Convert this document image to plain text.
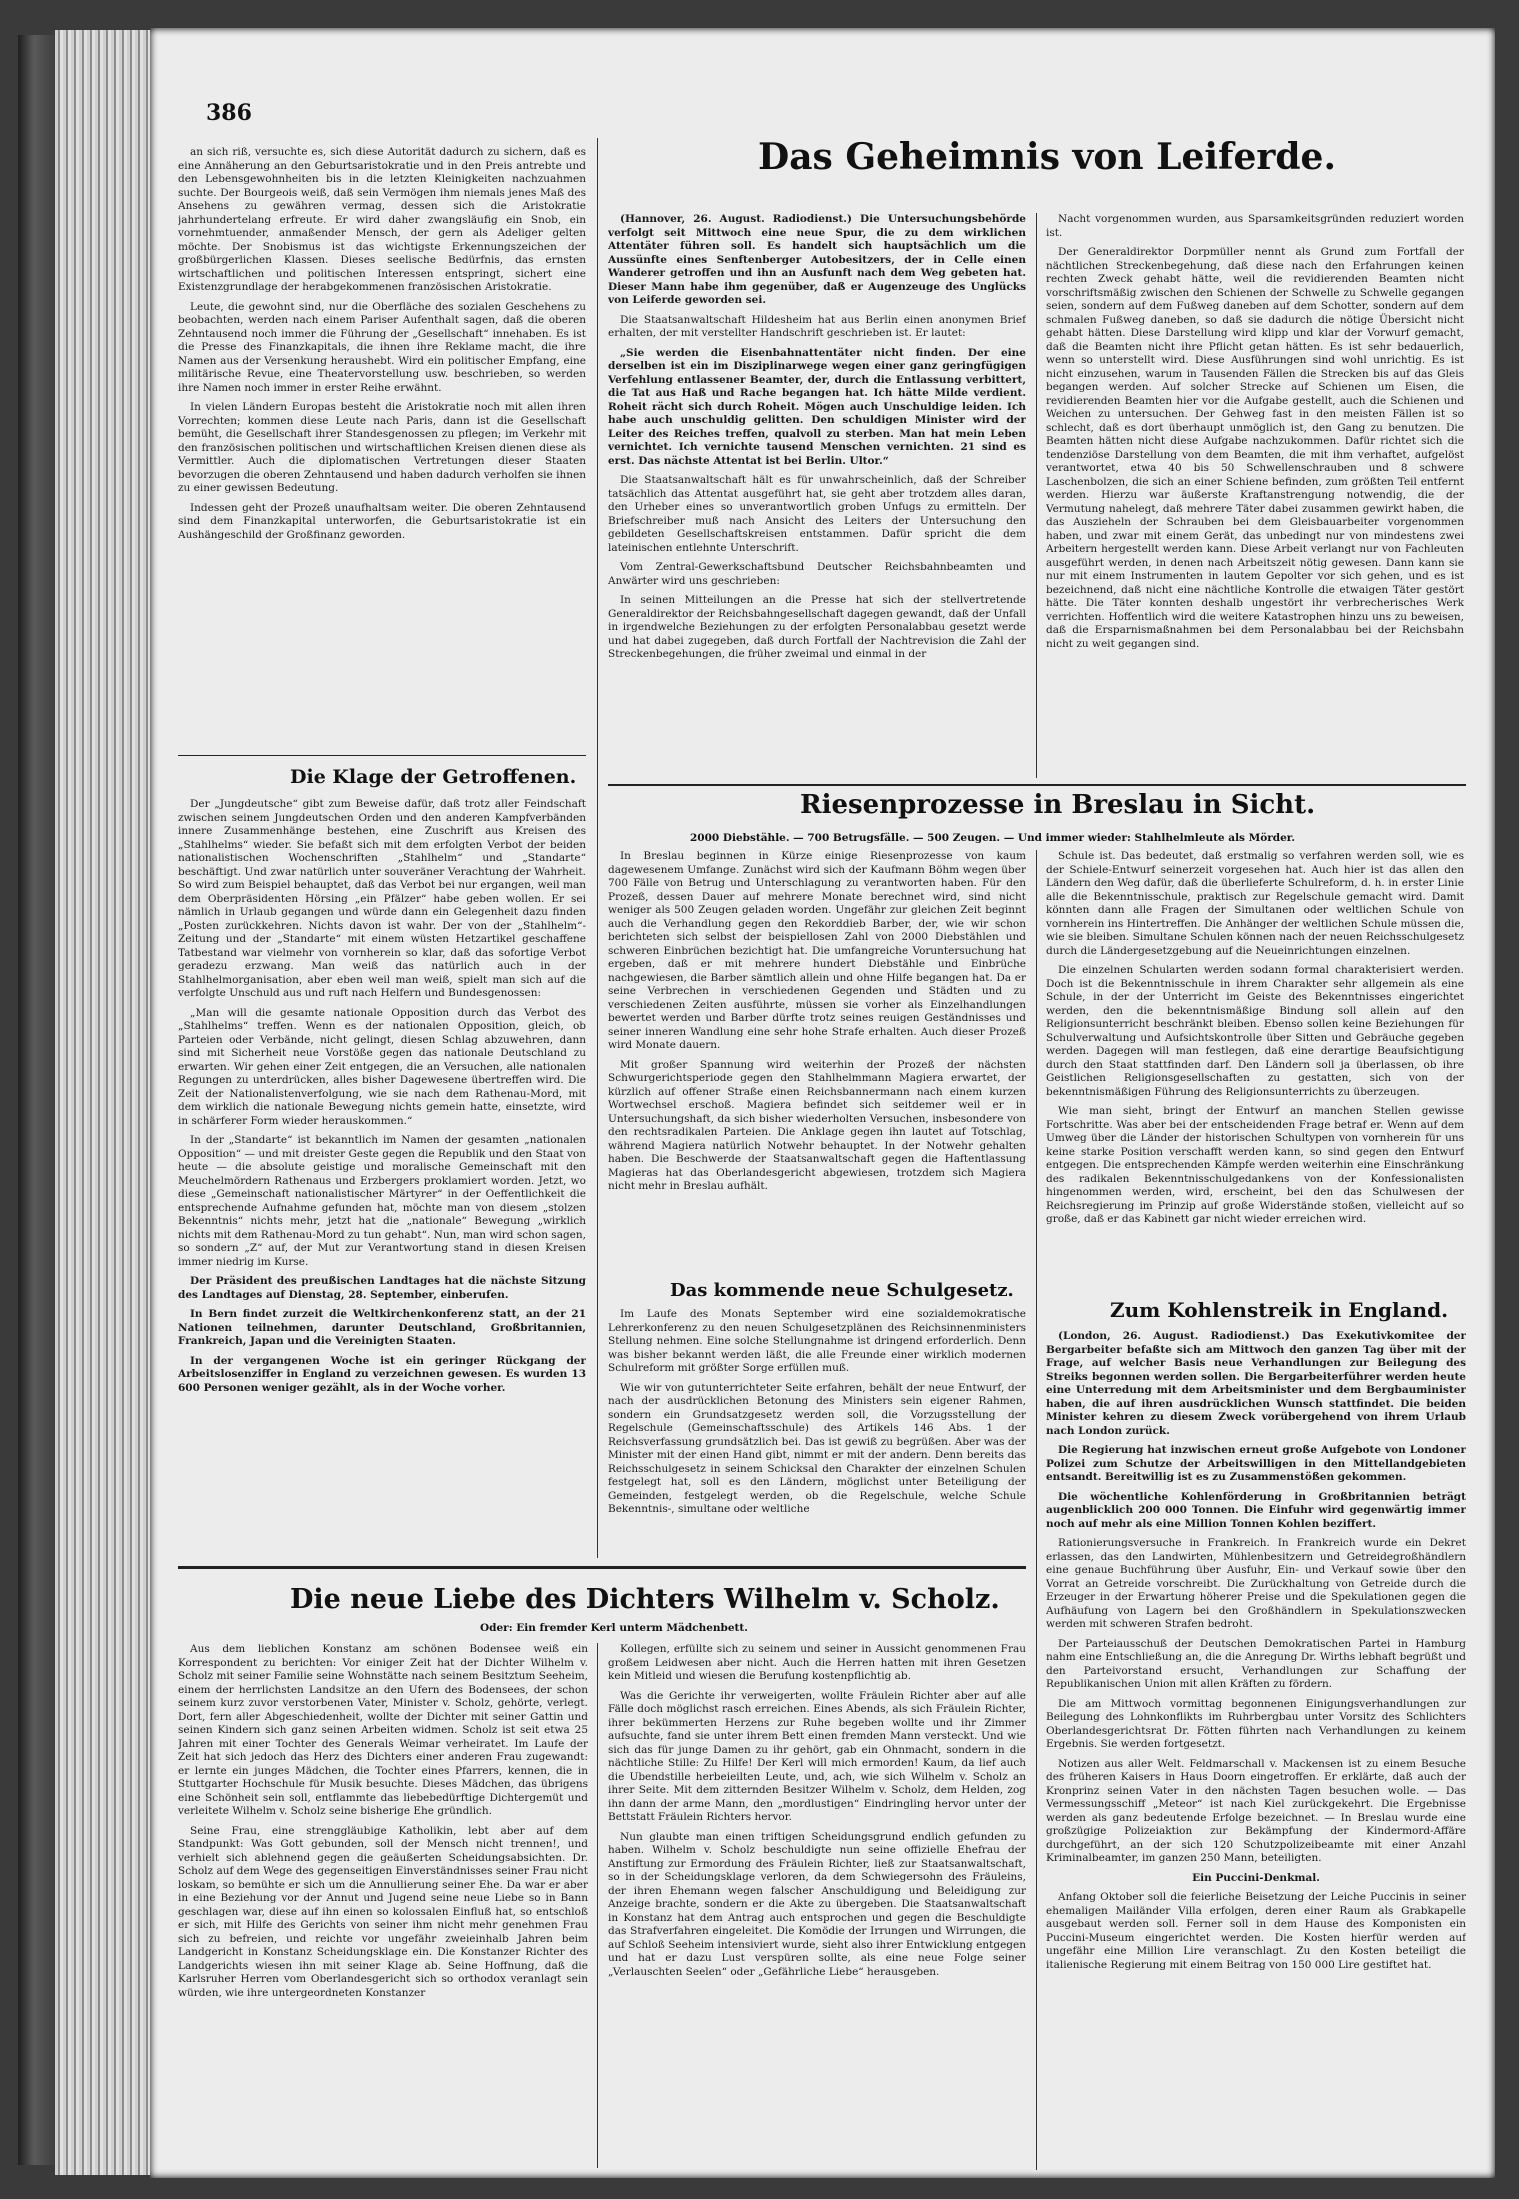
386

an sich riß, versuchte es, sich diese Autorität dadurch zu sichern, daß es eine Annäherung an den Geburtsaristokratie und in den Preis antrebte und den Lebensgewohnheiten bis in die letzten Kleinigkeiten nachzuahmen suchte. Der Bourgeois weiß, daß sein Vermögen ihm niemals jenes Maß des Ansehens zu gewähren vermag, dessen sich die Aristokratie jahrhundertelang erfreute. Er wird daher zwangsläufig ein Snob, ein vornehmtuender, anmaßender Mensch, der gern als Adeliger gelten möchte. Der Snobismus ist das wichtigste Erkennungszeichen der großbürgerlichen Klassen. Dieses seelische Bedürfnis, das ernsten wirtschaftlichen und politischen Interessen entspringt, sichert eine Existenzgrundlage der herabgekommenen französischen Aristokratie.

Leute, die gewohnt sind, nur die Oberfläche des sozialen Geschehens zu beobachten, werden nach einem Pariser Aufenthalt sagen, daß die oberen Zehntausend noch immer die Führung der „Gesellschaft“ innehaben. Es ist die Presse des Finanzkapitals, die ihnen ihre Reklame macht, die ihre Namen aus der Versenkung heraushebt. Wird ein politischer Empfang, eine militärische Revue, eine Theatervorstellung usw. beschrieben, so werden ihre Namen noch immer in erster Reihe erwähnt.

In vielen Ländern Europas besteht die Aristokratie noch mit allen ihren Vorrechten; kommen diese Leute nach Paris, dann ist die Gesellschaft bemüht, die Gesellschaft ihrer Standesgenossen zu pflegen; im Verkehr mit den französischen politischen und wirtschaftlichen Kreisen dienen diese als Vermittler. Auch die diplomatischen Vertretungen dieser Staaten bevorzugen die oberen Zehntausend und haben dadurch verholfen sie ihnen zu einer gewissen Bedeutung.

Indessen geht der Prozeß unaufhaltsam weiter. Die oberen Zehntausend sind dem Finanzkapital unterworfen, die Geburtsaristokratie ist ein Aushängeschild der Großfinanz geworden.

Die Klage der Getroffenen.

Der „Jungdeutsche“ gibt zum Beweise dafür, daß trotz aller Feindschaft zwischen seinem Jungdeutschen Orden und den anderen Kampfverbänden innere Zusammenhänge bestehen, eine Zuschrift aus Kreisen des „Stahlhelms“ wieder. Sie befaßt sich mit dem erfolgten Verbot der beiden nationalistischen Wochenschriften „Stahlhelm“ und „Standarte“ beschäftigt. Und zwar natürlich unter souveräner Verachtung der Wahrheit. So wird zum Beispiel behauptet, daß das Verbot bei nur ergangen, weil man dem Oberpräsidenten Hörsing „ein Pfälzer“ habe geben wollen. Er sei nämlich in Urlaub gegangen und würde dann ein Gelegenheit dazu finden „Posten zurückkehren. Nichts davon ist wahr. Der von der „Stahlhelm“-Zeitung und der „Standarte“ mit einem wüsten Hetzartikel geschaffene Tatbestand war vielmehr von vornherein so klar, daß das sofortige Verbot geradezu erzwang. Man weiß das natürlich auch in der Stahlhelmorganisation, aber eben weil man weiß, spielt man sich auf die verfolgte Unschuld aus und ruft nach Helfern und Bundesgenossen:

„Man will die gesamte nationale Opposition durch das Verbot des „Stahlhelms“ treffen. Wenn es der nationalen Opposition, gleich, ob Parteien oder Verbände, nicht gelingt, diesen Schlag abzuwehren, dann sind mit Sicherheit neue Vorstöße gegen das nationale Deutschland zu erwarten. Wir gehen einer Zeit entgegen, die an Versuchen, alle nationalen Regungen zu unterdrücken, alles bisher Dagewesene übertreffen wird. Die Zeit der Nationalistenverfolgung, wie sie nach dem Rathenau-Mord, mit dem wirklich die nationale Bewegung nichts gemein hatte, einsetzte, wird in schärferer Form wieder herauskommen.“

In der „Standarte“ ist bekanntlich im Namen der gesamten „nationalen Opposition“ — und mit dreister Geste gegen die Republik und den Staat von heute — die absolute geistige und moralische Gemeinschaft mit den Meuchelmördern Rathenaus und Erzbergers proklamiert worden. Jetzt, wo diese „Gemeinschaft nationalistischer Märtyrer“ in der Oeffentlichkeit die entsprechende Aufnahme gefunden hat, möchte man von diesem „stolzen Bekenntnis“ nichts mehr, jetzt hat die „nationale“ Bewegung „wirklich nichts mit dem Rathenau-Mord zu tun gehabt“. Nun, man wird schon sagen, so sondern „Z“ auf, der Mut zur Verantwortung stand in diesen Kreisen immer niedrig im Kurse.

Der Präsident des preußischen Landtages hat die nächste Sitzung des Landtages auf Dienstag, 28. September, einberufen.

In Bern findet zurzeit die Weltkirchenkonferenz statt, an der 21 Nationen teilnehmen, darunter Deutschland, Großbritannien, Frankreich, Japan und die Vereinigten Staaten.

In der vergangenen Woche ist ein geringer Rückgang der Arbeitslosenziffer in England zu verzeichnen gewesen. Es wurden 13 600 Personen weniger gezählt, als in der Woche vorher.

Das Geheimnis von Leiferde.

(Hannover, 26. August. Radiodienst.) Die Untersuchungsbehörde verfolgt seit Mittwoch eine neue Spur, die zu dem wirklichen Attentäter führen soll. Es handelt sich hauptsächlich um die Aussünfte eines Senftenberger Autobesitzers, der in Celle einen Wanderer getroffen und ihn an Ausfunft nach dem Weg gebeten hat. Dieser Mann habe ihm gegenüber, daß er Augenzeuge des Unglücks von Leiferde geworden sei.

Die Staatsanwaltschaft Hildesheim hat aus Berlin einen anonymen Brief erhalten, der mit verstellter Handschrift geschrieben ist. Er lautet:

„Sie werden die Eisenbahnattentäter nicht finden. Der eine derselben ist ein im Disziplinarwege wegen einer ganz geringfügigen Verfehlung entlassener Beamter, der, durch die Entlassung verbittert, die Tat aus Haß und Rache begangen hat. Ich hätte Milde verdient. Roheit rächt sich durch Roheit. Mögen auch Unschuldige leiden. Ich habe auch unschuldig gelitten. Den schuldigen Minister wird der Leiter des Reiches treffen, qualvoll zu sterben. Man hat mein Leben vernichtet. Ich vernichte tausend Menschen vernichten. 21 sind es erst. Das nächste Attentat ist bei Berlin. Ultor.“

Die Staatsanwaltschaft hält es für unwahrscheinlich, daß der Schreiber tatsächlich das Attentat ausgeführt hat, sie geht aber trotzdem alles daran, den Urheber eines so unverantwortlich groben Unfugs zu ermitteln. Der Briefschreiber muß nach Ansicht des Leiters der Untersuchung den gebildeten Gesellschaftskreisen entstammen. Dafür spricht die dem lateinischen entlehnte Unterschrift.

Vom Zentral-Gewerkschaftsbund Deutscher Reichsbahnbeamten und Anwärter wird uns geschrieben:

In seinen Mitteilungen an die Presse hat sich der stellvertretende Generaldirektor der Reichsbahngesellschaft dagegen gewandt, daß der Unfall in irgendwelche Beziehungen zu der erfolgten Personalabbau gesetzt werde und hat dabei zugegeben, daß durch Fortfall der Nachtrevision die Zahl der Streckenbegehungen, die früher zweimal und einmal in der

Nacht vorgenommen wurden, aus Sparsamkeitsgründen reduziert worden ist.

Der Generaldirektor Dorpmüller nennt als Grund zum Fortfall der nächtlichen Streckenbegehung, daß diese nach den Erfahrungen keinen rechten Zweck gehabt hätte, weil die revidierenden Beamten nicht vorschriftsmäßig zwischen den Schienen der Schwelle zu Schwelle gegangen seien, sondern auf dem Fußweg daneben auf dem Schotter, sondern auf dem schmalen Fußweg daneben, so daß sie dadurch die nötige Übersicht nicht gehabt hätten. Diese Darstellung wird klipp und klar der Vorwurf gemacht, daß die Beamten nicht ihre Pflicht getan hätten. Es ist sehr bedauerlich, wenn so unterstellt wird. Diese Ausführungen sind wohl unrichtig. Es ist nicht einzusehen, warum in Tausenden Fällen die Strecken bis auf das Gleis begangen werden. Auf solcher Strecke auf Schienen um Eisen, die revidierenden Beamten hier vor die Aufgabe gestellt, auch die Schienen und Weichen zu untersuchen. Der Gehweg fast in den meisten Fällen ist so schlecht, daß es dort überhaupt unmöglich ist, den Gang zu benutzen. Die Beamten hätten nicht diese Aufgabe nachzukommen. Dafür richtet sich die tendenziöse Darstellung von dem Beamten, die mit ihm verhaftet, aufgelöst verantwortet, etwa 40 bis 50 Schwellenschrauben und 8 schwere Laschenbolzen, die sich an einer Schiene befinden, zum größten Teil entfernt werden. Hierzu war äußerste Kraftanstrengung notwendig, die der Vermutung nahelegt, daß mehrere Täter dabei zusammen gewirkt haben, die das Auszieheln der Schrauben bei dem Gleisbauarbeiter vorgenommen haben, und zwar mit einem Gerät, das unbedingt nur von mindestens zwei Arbeitern hergestellt werden kann. Diese Arbeit verlangt nur von Fachleuten ausgeführt werden, in denen nach Arbeitszeit nötig gewesen. Dann kann sie nur mit einem Instrumenten in lautem Gepolter vor sich gehen, und es ist bezeichnend, daß nicht eine nächtliche Kontrolle die etwaigen Täter gestört hätte. Die Täter konnten deshalb ungestört ihr verbrecherisches Werk verrichten. Hoffentlich wird die weitere Katastrophen hinzu uns zu beweisen, daß die Ersparnismaßnahmen bei dem Personalabbau bei der Reichsbahn nicht zu weit gegangen sind.

Riesenprozesse in Breslau in Sicht.
2000 Diebstähle. — 700 Betrugsfälle. — 500 Zeugen. — Und immer wieder: Stahlhelmleute als Mörder.

In Breslau beginnen in Kürze einige Riesenprozesse von kaum dagewesenem Umfange. Zunächst wird sich der Kaufmann Böhm wegen über 700 Fälle von Betrug und Unterschlagung zu verantworten haben. Für den Prozeß, dessen Dauer auf mehrere Monate berechnet wird, sind nicht weniger als 500 Zeugen geladen worden. Ungefähr zur gleichen Zeit beginnt auch die Verhandlung gegen den Rekorddieb Barber, der, wie wir schon berichteten sich selbst der beispiellosen Zahl von 2000 Diebstählen und schweren Einbrüchen bezichtigt hat. Die umfangreiche Voruntersuchung hat ergeben, daß er mit mehrere hundert Diebstähle und Einbrüche nachgewiesen, die Barber sämtlich allein und ohne Hilfe begangen hat. Da er seine Verbrechen in verschiedenen Gegenden und Städten und zu verschiedenen Zeiten ausführte, müssen sie vorher als Einzelhandlungen bewertet werden und Barber dürfte trotz seines reuigen Geständnisses und seiner inneren Wandlung eine sehr hohe Strafe erhalten. Auch dieser Prozeß wird Monate dauern.

Mit großer Spannung wird weiterhin der Prozeß der nächsten Schwurgerichtsperiode gegen den Stahlhelmmann Magiera erwartet, der kürzlich auf offener Straße einen Reichsbannermann nach einem kurzen Wortwechsel erschoß. Magiera befindet sich seitdemer weil er in Untersuchungshaft, da sich bisher wiederholten Versuchen, insbesondere von den rechtsradikalen Parteien. Die Anklage gegen ihn lautet auf Totschlag, während Magiera natürlich Notwehr behauptet. In der Notwehr gehalten haben. Die Beschwerde der Staatsanwaltschaft gegen die Haftentlassung Magieras hat das Oberlandesgericht abgewiesen, trotzdem sich Magiera nicht mehr in Breslau aufhält.

Schule ist. Das bedeutet, daß erstmalig so verfahren werden soll, wie es der Schiele-Entwurf seinerzeit vorgesehen hat. Auch hier ist das allen den Ländern den Weg dafür, daß die überlieferte Schulreform, d. h. in erster Linie alle die Bekenntnisschule, praktisch zur Regelschule gemacht wird. Damit könnten dann alle Fragen der Simultanen oder weltlichen Schule von vornherein ins Hintertreffen. Die Anhänger der weltlichen Schule müssen die, wie sie bleiben. Simultane Schulen können nach der neuen Reichsschulgesetz durch die Ländergesetzgebung auf die Neueinrichtungen einzelnen.

Die einzelnen Schularten werden sodann formal charakterisiert werden. Doch ist die Bekenntnisschule in ihrem Charakter sehr allgemein als eine Schule, in der der Unterricht im Geiste des Bekenntnisses eingerichtet werden, den die bekenntnismäßige Bindung soll allein auf den Religionsunterricht beschränkt bleiben. Ebenso sollen keine Beziehungen für Schulverwaltung und Aufsichtskontrolle über Sitten und Gebräuche gegeben werden. Dagegen will man festlegen, daß eine derartige Beaufsichtigung durch den Staat stattfinden darf. Den Ländern soll ja überlassen, ob ihre Geistlichen Religionsgesellschaften zu gestatten, sich von der bekenntnismäßigen Führung des Religionsunterrichts zu überzeugen.

Wie man sieht, bringt der Entwurf an manchen Stellen gewisse Fortschritte. Was aber bei der entscheidenden Frage betraf er. Wenn auf dem Umweg über die Länder der historischen Schultypen von vornherein für uns keine starke Position verschafft werden kann, so sind gegen den Entwurf entgegen. Die entsprechenden Kämpfe werden weiterhin eine Einschränkung des radikalen Bekenntnisschulgedankens von der Konfessionalisten hingenommen werden, wird, erscheint, bei den das Schulwesen der Reichsregierung im Prinzip auf große Widerstände stoßen, vielleicht auf so große, daß er das Kabinett gar nicht wieder erreichen wird.

Das kommende neue Schulgesetz.

Im Laufe des Monats September wird eine sozialdemokratische Lehrerkonferenz zu den neuen Schulgesetzplänen des Reichsinnenministers Stellung nehmen. Eine solche Stellungnahme ist dringend erforderlich. Denn was bisher bekannt werden läßt, die alle Freunde einer wirklich modernen Schulreform mit größter Sorge erfüllen muß.

Wie wir von gutunterrichteter Seite erfahren, behält der neue Entwurf, der nach der ausdrücklichen Betonung des Ministers sein eigener Rahmen, sondern ein Grundsatzgesetz werden soll, die Vorzugsstellung der Regelschule (Gemeinschaftsschule) des Artikels 146 Abs. 1 der Reichsverfassung grundsätzlich bei. Das ist gewiß zu begrüßen. Aber was der Minister mit der einen Hand gibt, nimmt er mit der andern. Denn bereits das Reichsschulgesetz in seinem Schicksal den Charakter der einzelnen Schulen festgelegt hat, soll es den Ländern, möglichst unter Beteiligung der Gemeinden, festgelegt werden, ob die Regelschule, welche Schule Bekenntnis-, simultane oder weltliche

Zum Kohlenstreik in England.

(London, 26. August. Radiodienst.) Das Exekutivkomitee der Bergarbeiter befaßte sich am Mittwoch den ganzen Tag über mit der Frage, auf welcher Basis neue Verhandlungen zur Beilegung des Streiks begonnen werden sollen. Die Bergarbeiterführer werden heute eine Unterredung mit dem Arbeitsminister und dem Bergbauminister haben, die auf ihren ausdrücklichen Wunsch stattfindet. Die beiden Minister kehren zu diesem Zweck vorübergehend von ihrem Urlaub nach London zurück.

Die Regierung hat inzwischen erneut große Aufgebote von Londoner Polizei zum Schutze der Arbeitswilligen in den Mittellandgebieten entsandt. Bereitwillig ist es zu Zusammenstößen gekommen.

Die wöchentliche Kohlenförderung in Großbritannien beträgt augenblicklich 200 000 Tonnen. Die Einfuhr wird gegenwärtig immer noch auf mehr als eine Million Tonnen Kohlen beziffert.

Rationierungsversuche in Frankreich. In Frankreich wurde ein Dekret erlassen, das den Landwirten, Mühlenbesitzern und Getreidegroßhändlern eine genaue Buchführung über Ausfuhr, Ein- und Verkauf sowie über den Vorrat an Getreide vorschreibt. Die Zurückhaltung von Getreide durch die Erzeuger in der Erwartung höherer Preise und die Spekulationen gegen die Aufhäufung von Lagern bei den Großhändlern in Spekulationszwecken werden mit schweren Strafen bedroht.

Der Parteiausschuß der Deutschen Demokratischen Partei in Hamburg nahm eine Entschließung an, die die Anregung Dr. Wirths lebhaft begrüßt und den Parteivorstand ersucht, Verhandlungen zur Schaffung der Republikanischen Union mit allen Kräften zu fördern.

Die am Mittwoch vormittag begonnenen Einigungsverhandlungen zur Beilegung des Lohnkonflikts im Ruhrbergbau unter Vorsitz des Schlichters Oberlandesgerichtsrat Dr. Fötten führten nach Verhandlungen zu keinem Ergebnis. Sie werden fortgesetzt.

Notizen aus aller Welt. Feldmarschall v. Mackensen ist zu einem Besuche des früheren Kaisers in Haus Doorn eingetroffen. Er erklärte, daß auch der Kronprinz seinen Vater in den nächsten Tagen besuchen wolle. — Das Vermessungsschiff „Meteor“ ist nach Kiel zurückgekehrt. Die Ergebnisse werden als ganz bedeutende Erfolge bezeichnet. — In Breslau wurde eine großzügige Polizeiaktion zur Bekämpfung der Kindermord-Affäre durchgeführt, an der sich 120 Schutzpolizeibeamte mit einer Anzahl Kriminalbeamter, im ganzen 250 Mann, beteiligten.

Ein Puccini-Denkmal.

Anfang Oktober soll die feierliche Beisetzung der Leiche Puccinis in seiner ehemaligen Mailänder Villa erfolgen, deren einer Raum als Grabkapelle ausgebaut werden soll. Ferner soll in dem Hause des Komponisten ein Puccini-Museum eingerichtet werden. Die Kosten hierfür werden auf ungefähr eine Million Lire veranschlagt. Zu den Kosten beteiligt die italienische Regierung mit einem Beitrag von 150 000 Lire gestiftet hat.

Die neue Liebe des Dichters Wilhelm v. Scholz.
Oder: Ein fremder Kerl unterm Mädchenbett.

Aus dem lieblichen Konstanz am schönen Bodensee weiß ein Korrespondent zu berichten: Vor einiger Zeit hat der Dichter Wilhelm v. Scholz mit seiner Familie seine Wohnstätte nach seinem Besitztum Seeheim, einem der herrlichsten Landsitze an den Ufern des Bodensees, der schon seinem kurz zuvor verstorbenen Vater, Minister v. Scholz, gehörte, verlegt. Dort, fern aller Abgeschiedenheit, wollte der Dichter mit seiner Gattin und seinen Kindern sich ganz seinen Arbeiten widmen. Scholz ist seit etwa 25 Jahren mit einer Tochter des Generals Weimar verheiratet. Im Laufe der Zeit hat sich jedoch das Herz des Dichters einer anderen Frau zugewandt: er lernte ein junges Mädchen, die Tochter eines Pfarrers, kennen, die in Stuttgarter Hochschule für Musik besuchte. Dieses Mädchen, das übrigens eine Schönheit sein soll, entflammte das liebebedürftige Dichtergemüt und verleitete Wilhelm v. Scholz seine bisherige Ehe gründlich.

Seine Frau, eine strenggläubige Katholikin, lebt aber auf dem Standpunkt: Was Gott gebunden, soll der Mensch nicht trennen!, und verhielt sich ablehnend gegen die geäußerten Scheidungsabsichten. Dr. Scholz auf dem Wege des gegenseitigen Einverständnisses seiner Frau nicht loskam, so bemühte er sich um die Annullierung seiner Ehe. Da war er aber in eine Beziehung vor der Annut und Jugend seine neue Liebe so in Bann geschlagen war, diese auf ihn einen so kolossalen Einfluß hat, so entschloß er sich, mit Hilfe des Gerichts von seiner ihm nicht mehr genehmen Frau sich zu befreien, und reichte vor ungefähr zweieinhalb Jahren beim Landgericht in Konstanz Scheidungsklage ein. Die Konstanzer Richter des Landgerichts wiesen ihn mit seiner Klage ab. Seine Hoffnung, daß die Karlsruher Herren vom Oberlandesgericht sich so orthodox veranlagt sein würden, wie ihre untergeordneten Konstanzer

Kollegen, erfüllte sich zu seinem und seiner in Aussicht genommenen Frau großem Leidwesen aber nicht. Auch die Herren hatten mit ihren Gesetzen kein Mitleid und wiesen die Berufung kostenpflichtig ab.

Was die Gerichte ihr verweigerten, wollte Fräulein Richter aber auf alle Fälle doch möglichst rasch erreichen. Eines Abends, als sich Fräulein Richter, ihrer bekümmerten Herzens zur Ruhe begeben wollte und ihr Zimmer aufsuchte, fand sie unter ihrem Bett einen fremden Mann versteckt. Und wie sich das für junge Damen zu ihr gehört, gab ein Ohnmacht, sondern in die nächtliche Stille: Zu Hilfe! Der Kerl will mich ermorden! Kaum, da lief auch die Ubendstille herbeieilten Leute, und, ach, wie sich Wilhelm v. Scholz an ihrer Seite. Mit dem zitternden Besitzer Wilhelm v. Scholz, dem Helden, zog ihn dann der arme Mann, den „mordlustigen“ Eindringling hervor unter der Bettstatt Fräulein Richters hervor.

Nun glaubte man einen triftigen Scheidungsgrund endlich gefunden zu haben. Wilhelm v. Scholz beschuldigte nun seine offizielle Ehefrau der Anstiftung zur Ermordung des Fräulein Richter, ließ zur Staatsanwaltschaft, so in der Scheidungsklage verloren, da dem Schwiegersohn des Fräuleins, der ihren Ehemann wegen falscher Anschuldigung und Beleidigung zur Anzeige brachte, sondern er die Akte zu übergeben. Die Staatsanwaltschaft in Konstanz hat dem Antrag auch entsprochen und gegen die Beschuldigte das Strafverfahren eingeleitet. Die Komödie der Irrungen und Wirrungen, die auf Schloß Seeheim intensiviert wurde, sieht also ihrer Entwicklung entgegen und hat er dazu Lust verspüren sollte, als eine neue Folge seiner „Verlauschten Seelen“ oder „Gefährliche Liebe“ herausgeben.
